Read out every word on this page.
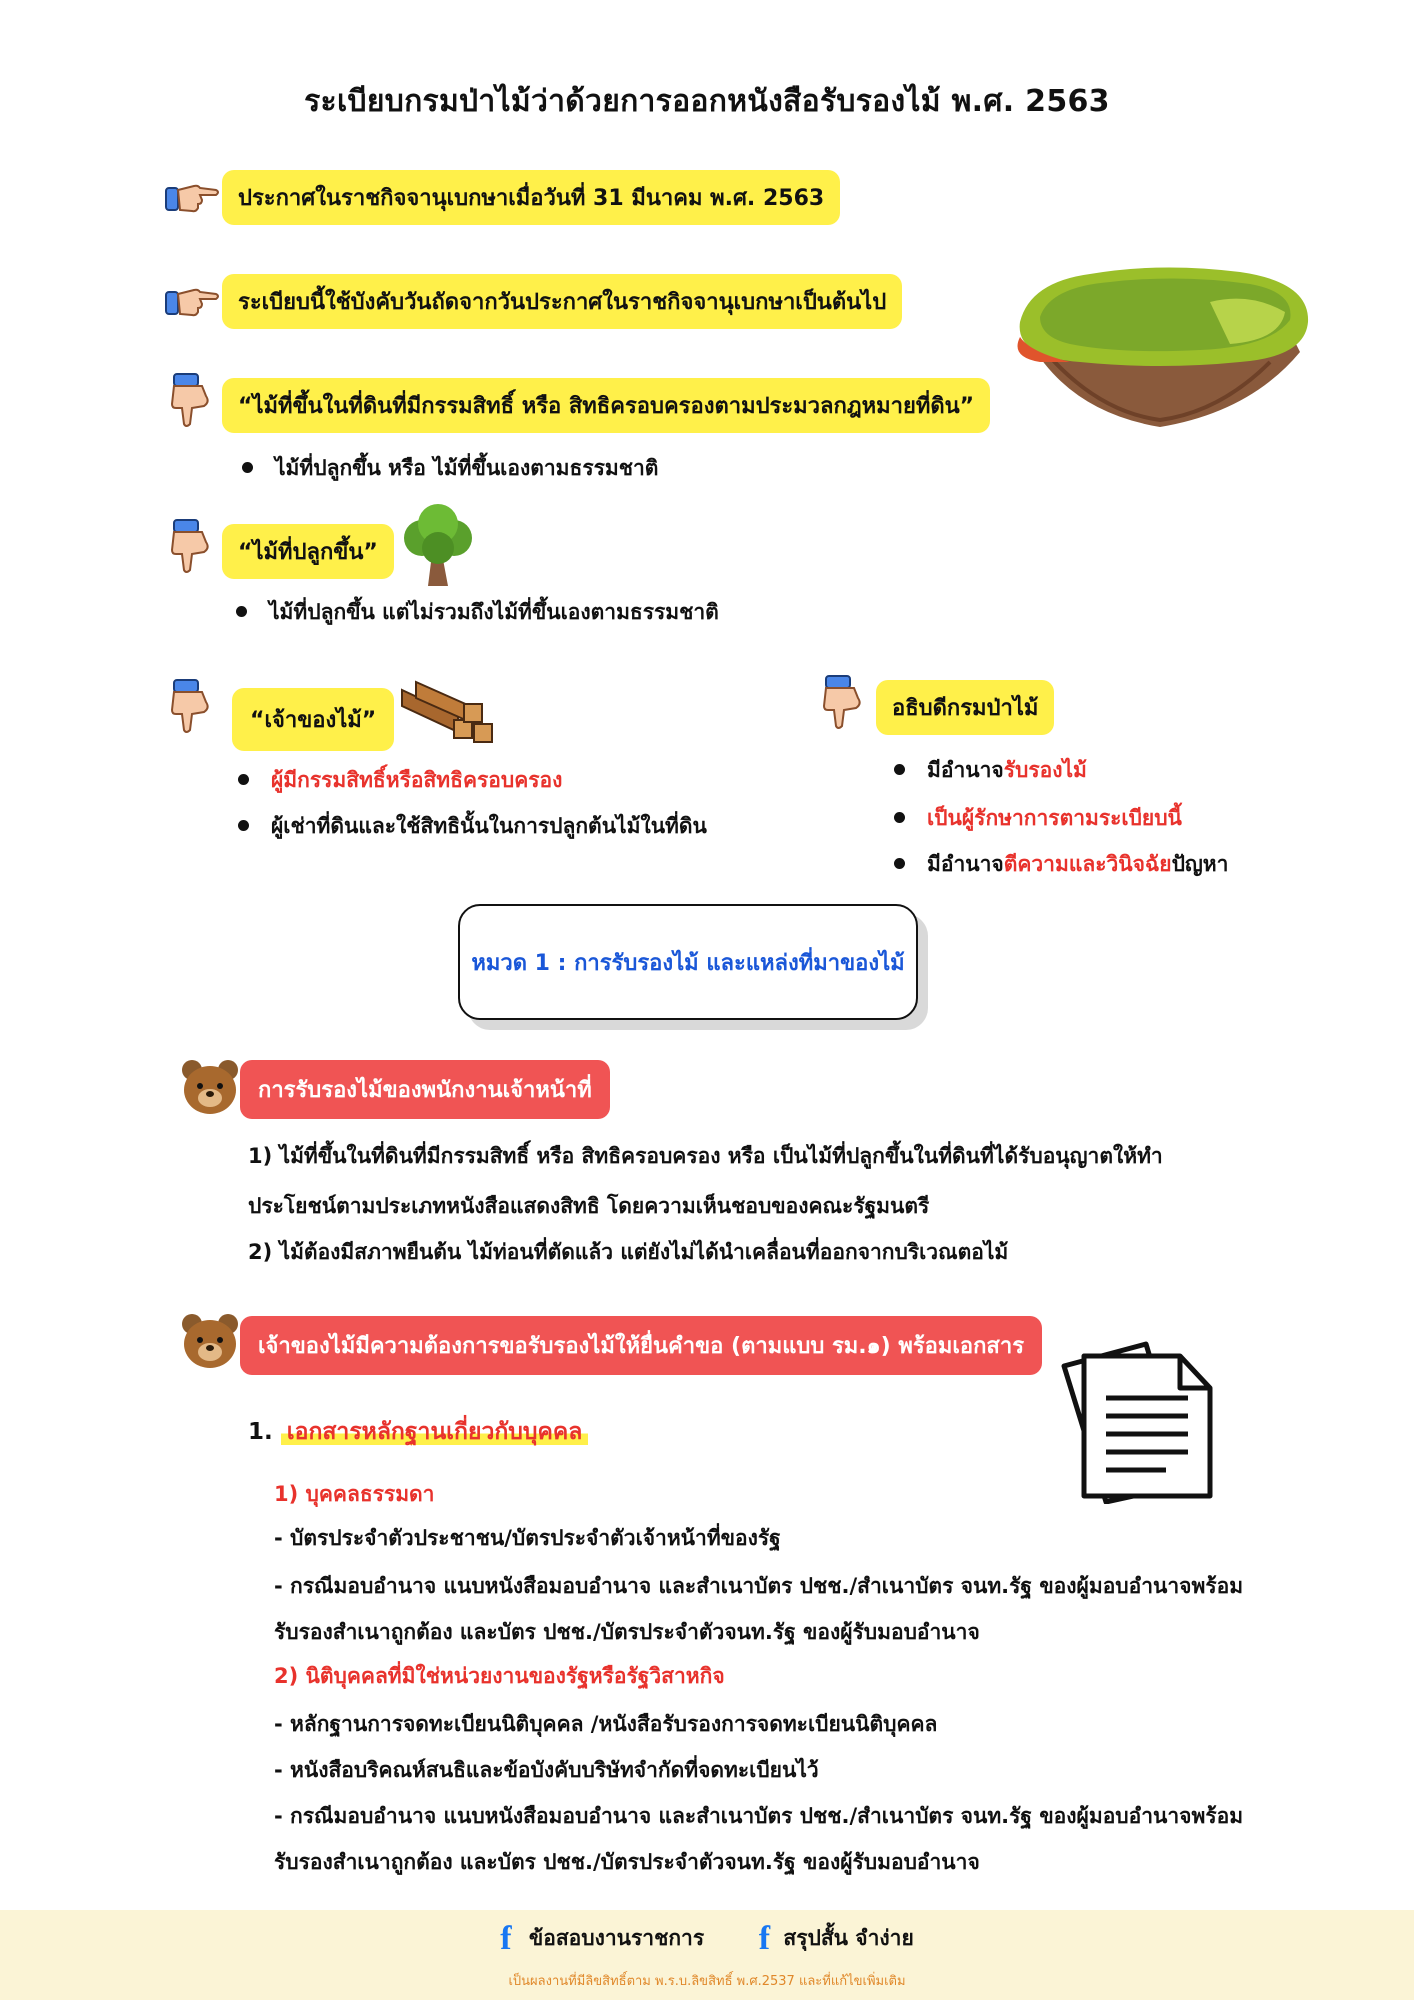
ระเบียบกรมป่าไม้ว่าด้วยการออกหนังสือรับรองไม้ พ.ศ. 2563
ประกาศในราชกิจจานุเบกษาเมื่อวันที่ 31 มีนาคม พ.ศ. 2563
ระเบียบนี้ใช้บังคับวันถัดจากวันประกาศในราชกิจจานุเบกษาเป็นต้นไป
“ไม้ที่ขึ้นในที่ดินที่มีกรรมสิทธิ์ หรือ สิทธิครอบครองตามประมวลกฎหมายที่ดิน”
ไม้ที่ปลูกขึ้น หรือ ไม้ที่ขึ้นเองตามธรรมชาติ
“ไม้ที่ปลูกขึ้น”
ไม้ที่ปลูกขึ้น แต่ไม่รวมถึงไม้ที่ขึ้นเองตามธรรมชาติ
“เจ้าของไม้”
ผู้มีกรรมสิทธิ์หรือสิทธิครอบครอง
ผู้เช่าที่ดินและใช้สิทธินั้นในการปลูกต้นไม้ในที่ดิน
อธิบดีกรมป่าไม้
มีอำนาจรับรองไม้
เป็นผู้รักษาการตามระเบียบนี้
มีอำนาจตีความและวินิจฉัยปัญหา
หมวด 1 : การรับรองไม้ และแหล่งที่มาของไม้
การรับรองไม้ของพนักงานเจ้าหน้าที่
1) ไม้ที่ขึ้นในที่ดินที่มีกรรมสิทธิ์ หรือ สิทธิครอบครอง หรือ เป็นไม้ที่ปลูกขึ้นในที่ดินที่ได้รับอนุญาตให้ทำ
ประโยชน์ตามประเภทหนังสือแสดงสิทธิ โดยความเห็นชอบของคณะรัฐมนตรี
2) ไม้ต้องมีสภาพยืนต้น ไม้ท่อนที่ตัดแล้ว แต่ยังไม่ได้นำเคลื่อนที่ออกจากบริเวณตอไม้
เจ้าของไม้มีความต้องการขอรับรองไม้ให้ยื่นคำขอ (ตามแบบ รม.๑) พร้อมเอกสาร
1. เอกสารหลักฐานเกี่ยวกับบุคคล
1) บุคคลธรรมดา
- บัตรประจำตัวประชาชน/บัตรประจำตัวเจ้าหน้าที่ของรัฐ
- กรณีมอบอำนาจ แนบหนังสือมอบอำนาจ และสำเนาบัตร ปชช./สำเนาบัตร จนท.รัฐ ของผู้มอบอำนาจพร้อม
รับรองสำเนาถูกต้อง และบัตร ปชช./บัตรประจำตัวจนท.รัฐ ของผู้รับมอบอำนาจ
2) นิติบุคคลที่มิใช่หน่วยงานของรัฐหรือรัฐวิสาหกิจ
- หลักฐานการจดทะเบียนนิติบุคคล /หนังสือรับรองการจดทะเบียนนิติบุคคล
- หนังสือบริคณห์สนธิและข้อบังคับบริษัทจำกัดที่จดทะเบียนไว้
- กรณีมอบอำนาจ แนบหนังสือมอบอำนาจ และสำเนาบัตร ปชช./สำเนาบัตร จนท.รัฐ ของผู้มอบอำนาจพร้อม
รับรองสำเนาถูกต้อง และบัตร ปชช./บัตรประจำตัวจนท.รัฐ ของผู้รับมอบอำนาจ
f ข้อสอบงานราชการ f สรุปสั้น จำง่าย
เป็นผลงานที่มีลิขสิทธิ์ตาม พ.ร.บ.ลิขสิทธิ์ พ.ศ.2537 และที่แก้ไขเพิ่มเติม
